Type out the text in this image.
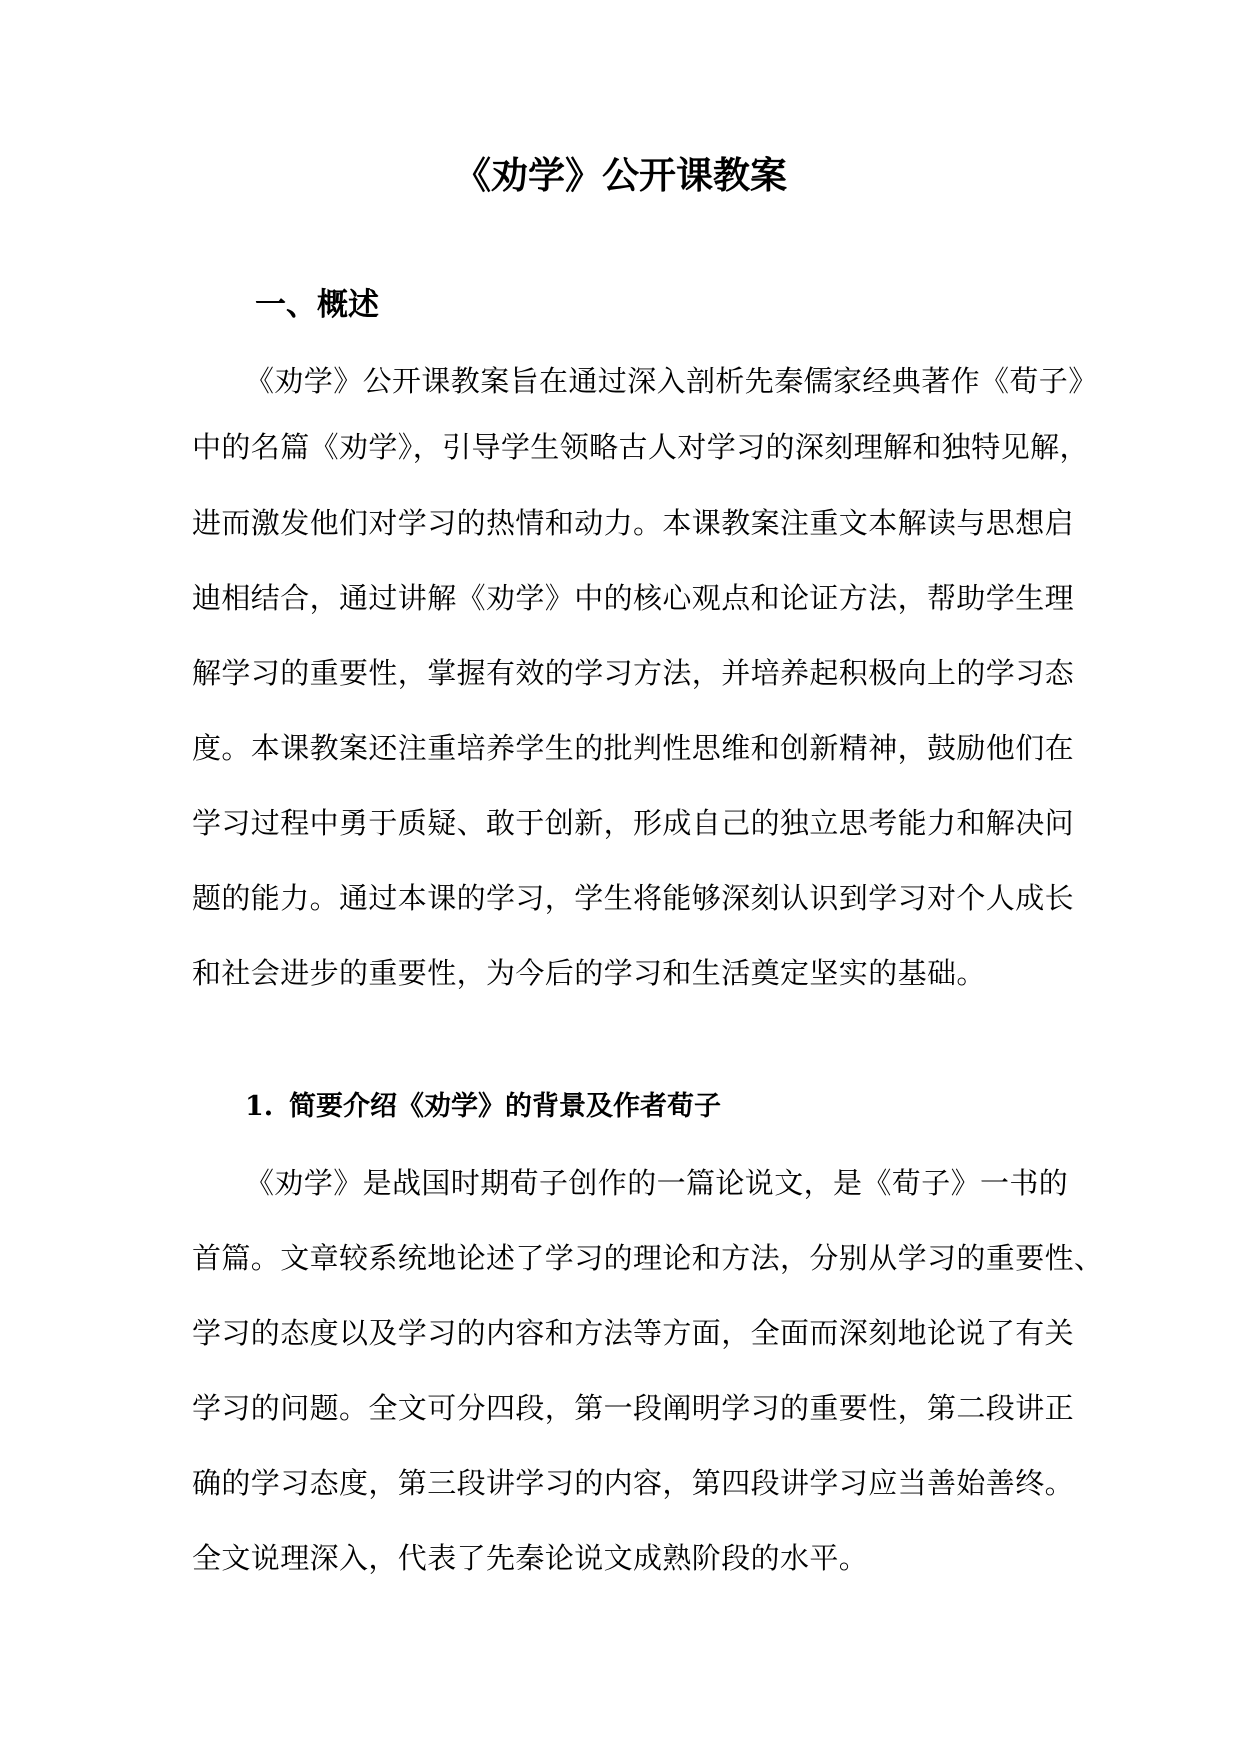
《劝学》公开课教案
一、概述
《劝学》公开课教案旨在通过深入剖析先秦儒家经典著作《荀子》
中的名篇《劝学》，引导学生领略古人对学习的深刻理解和独特见解，
进而激发他们对学习的热情和动力。本课教案注重文本解读与思想启
迪相结合，通过讲解《劝学》中的核心观点和论证方法，帮助学生理
解学习的重要性，掌握有效的学习方法，并培养起积极向上的学习态
度。本课教案还注重培养学生的批判性思维和创新精神，鼓励他们在
学习过程中勇于质疑、敢于创新，形成自己的独立思考能力和解决问
题的能力。通过本课的学习，学生将能够深刻认识到学习对个人成长
和社会进步的重要性，为今后的学习和生活奠定坚实的基础。
1. 简要介绍《劝学》的背景及作者荀子
《劝学》是战国时期荀子创作的一篇论说文，是《荀子》一书的
首篇。文章较系统地论述了学习的理论和方法，分别从学习的重要性、
学习的态度以及学习的内容和方法等方面，全面而深刻地论说了有关
学习的问题。全文可分四段，第一段阐明学习的重要性，第二段讲正
确的学习态度，第三段讲学习的内容，第四段讲学习应当善始善终。
全文说理深入，代表了先秦论说文成熟阶段的水平。
